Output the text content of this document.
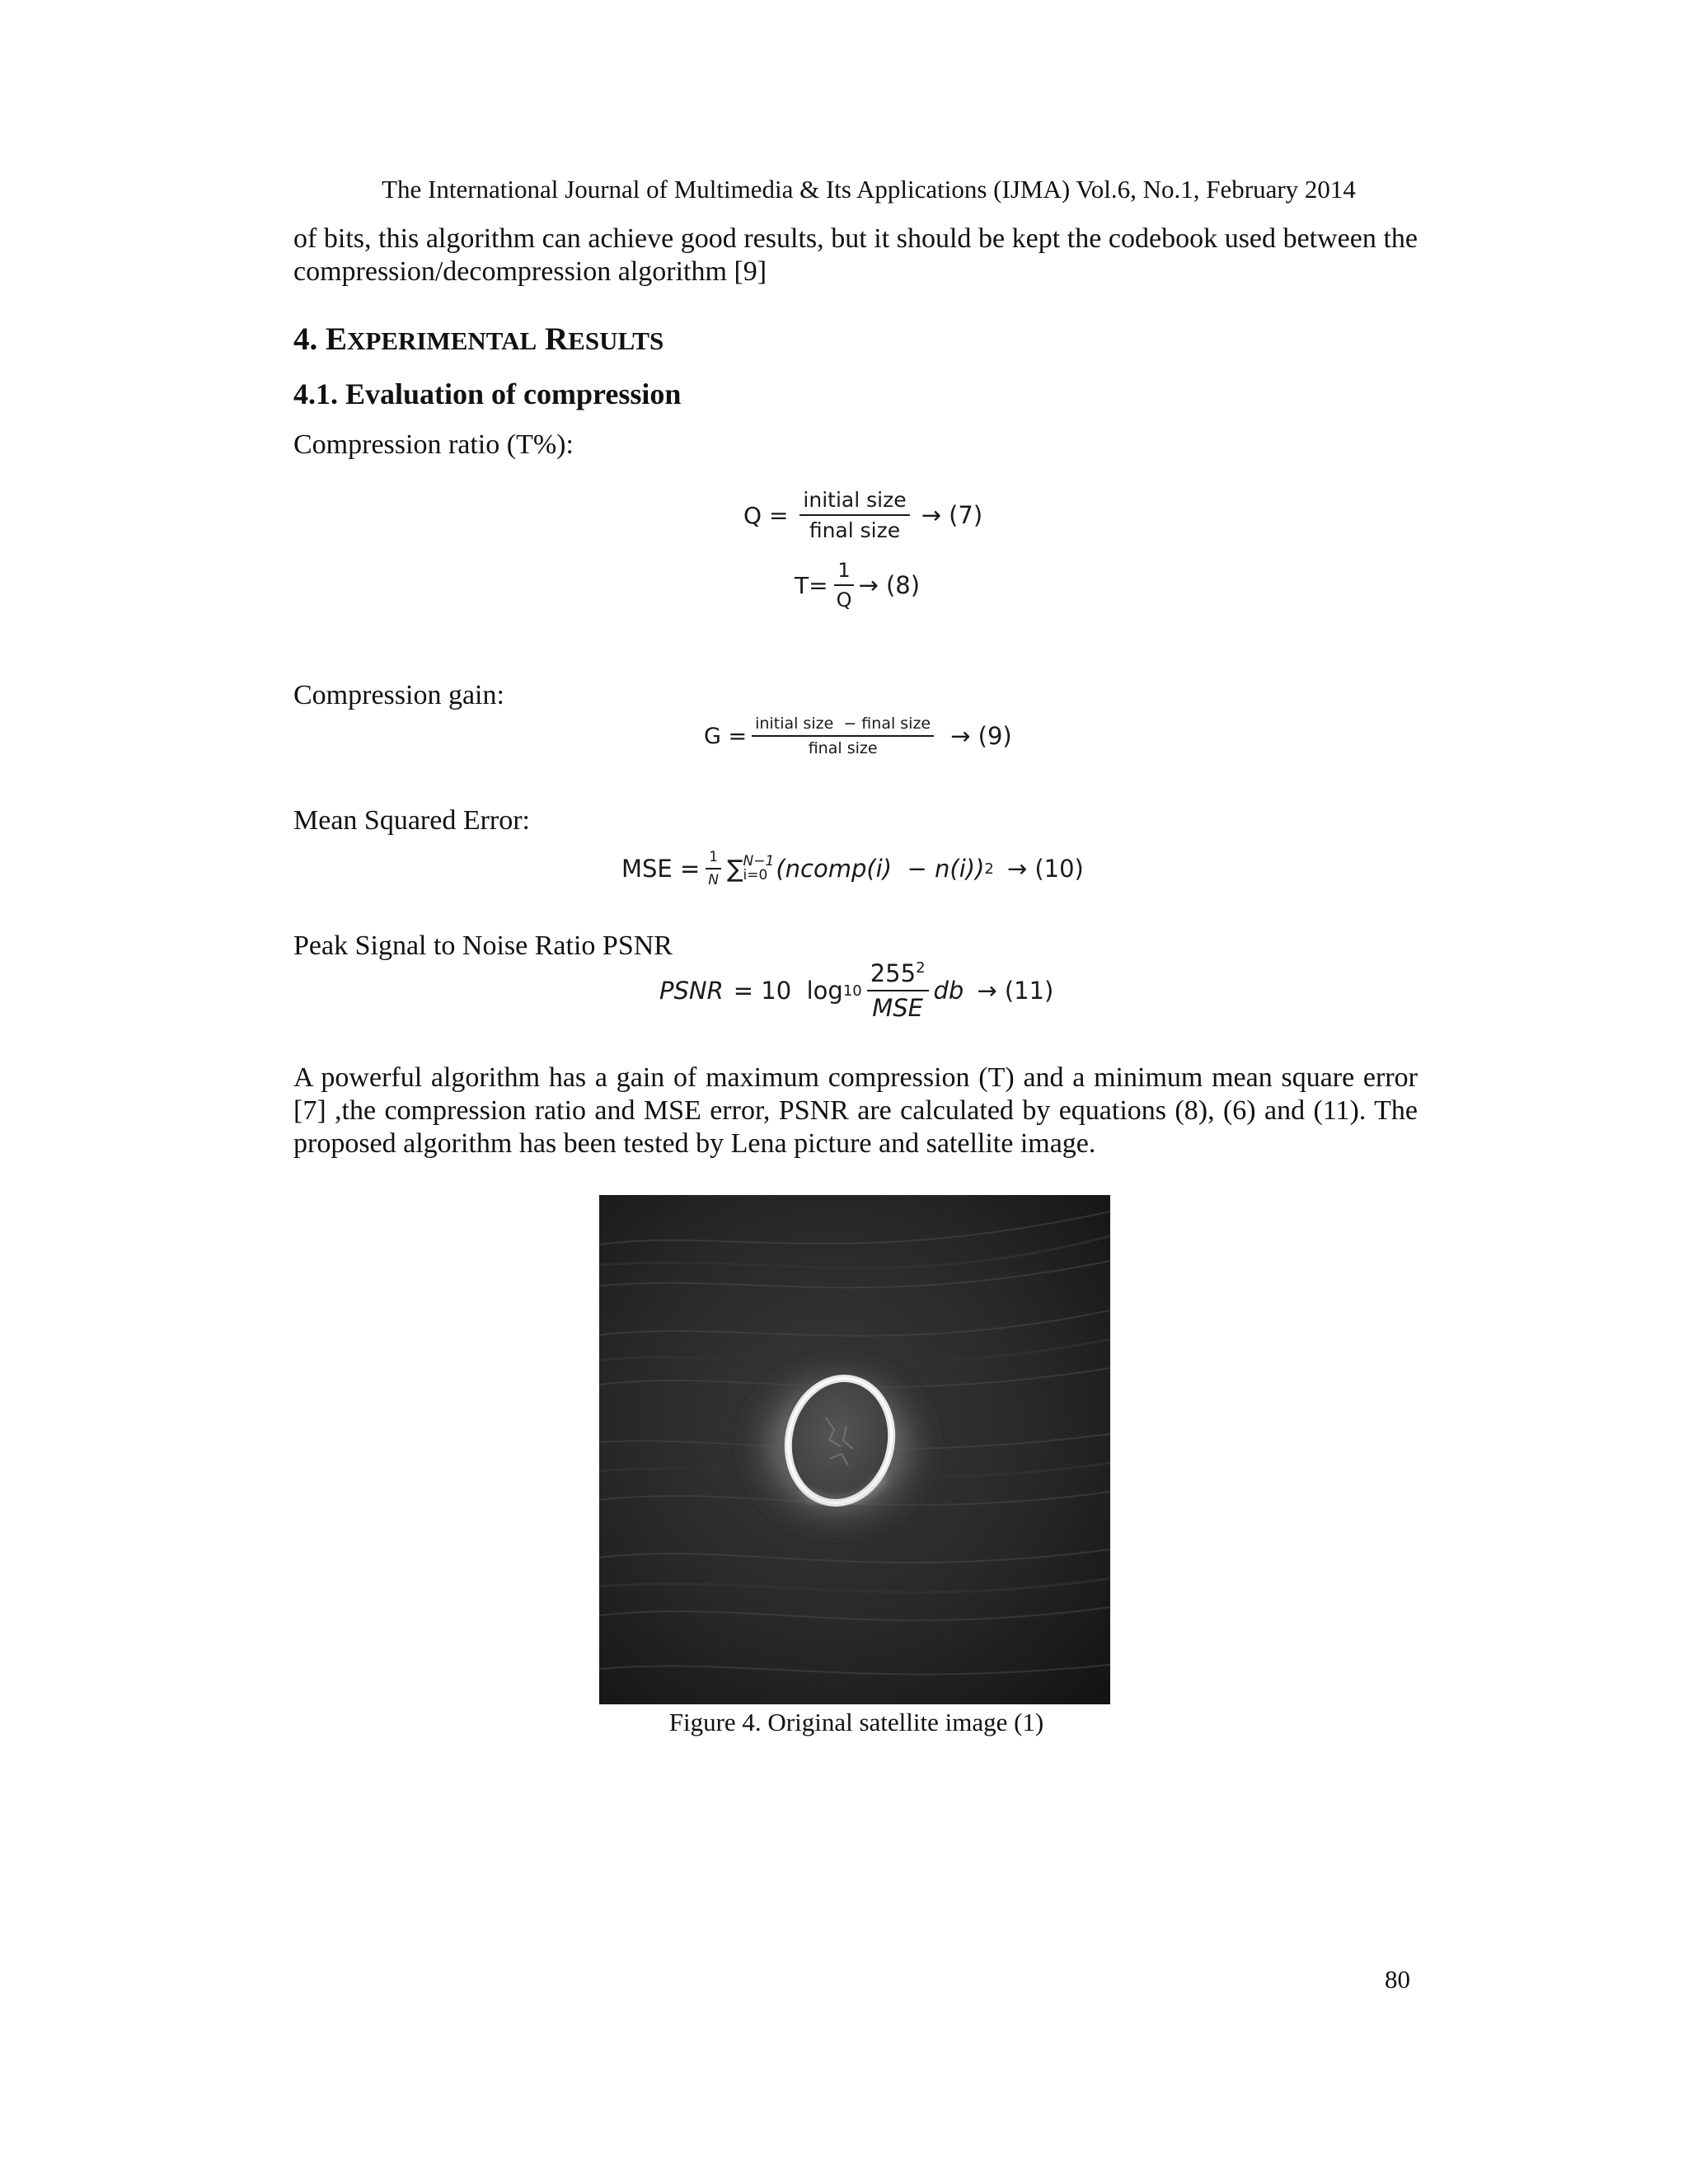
The International Journal of Multimedia & Its Applications (IJMA) Vol.6, No.1, February 2014
of bits, this algorithm can achieve good results, but it should be kept the codebook used between the compression/decompression algorithm [9]
4. EXPERIMENTAL RESULTS
4.1. Evaluation of compression
Compression ratio (T%):
$Q = \frac{\text{initial size}}{\text{final size}} \to (7)$
$T= \frac{1}{Q} \to (8)$
Compression gain:
$G = \frac{\text{initial size  − final size}}{\text{final size}} \to (9)$
Mean Squared Error:
MSE = $\frac{1}{N}$ ∑ N−1
i=0 (ncomp(i)  − n(i)) 2 → (10)
Peak Signal to Noise Ratio PSNR
PSNR = 10  $\log 10 \frac{255^2}{\text{MSE}}$ db → (11)
A powerful algorithm has a gain of maximum compression (T) and a minimum mean square error [7] ,the compression ratio and MSE error, PSNR are calculated by equations (8), (6) and (11). The proposed algorithm has been tested by Lena picture and satellite image.
Figure 4. Original satellite image (1)
80
